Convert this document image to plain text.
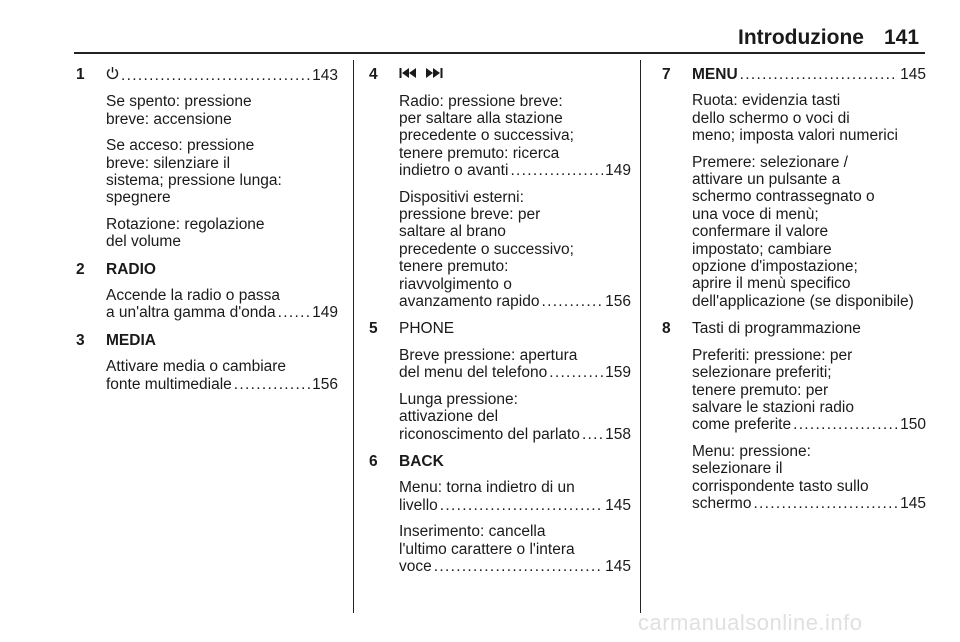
Introduzione 141
1 . . .	143
Se spento: pressione
breve: accensione
Se acceso: pressione
breve: silenziare il
sistema; pressione lunga:
spegnere
Rotazione: regolazione
del volume
2 RADIO
Accende la radio o passa
a un'altra gamma d'onda . . . 149
3 MEDIA
Attivare media o cambiare
fonte multimediale . . .	156
4

Radio: pressione breve:
per saltare alla stazione
precedente o successiva;
tenere premuto: ricerca
indietro o avanti . . .	149
Dispositivi esterni:
pressione breve: per
saltare al brano
precedente o successivo;
tenere premuto:
riavvolgimento o
avanzamento rapido . . .	156
5 PHONE
Breve pressione: apertura
del menu del telefono . . .	159
Lunga pressione:
attivazione del
riconoscimento del parlato . . . 158
6 BACK
Menu: torna indietro di un
livello . . .	145
Inserimento: cancella
l'ultimo carattere o l'intera
voce . . .	145
7 MENU . . .	145
Ruota: evidenzia tasti
dello schermo o voci di
meno; imposta valori numerici
Premere: selezionare /
attivare un pulsante a
schermo contrassegnato o
una voce di menù;
confermare il valore
impostato; cambiare
opzione d'impostazione;
aprire il menù specifico
dell'applicazione (se disponibile)
8 Tasti di programmazione
Preferiti: pressione: per
selezionare preferiti;
tenere premuto: per
salvare le stazioni radio
come preferite . . .	150
Menu: pressione:
selezionare il
corrispondente tasto sullo
schermo . . .	145
carmanualsonline.info
